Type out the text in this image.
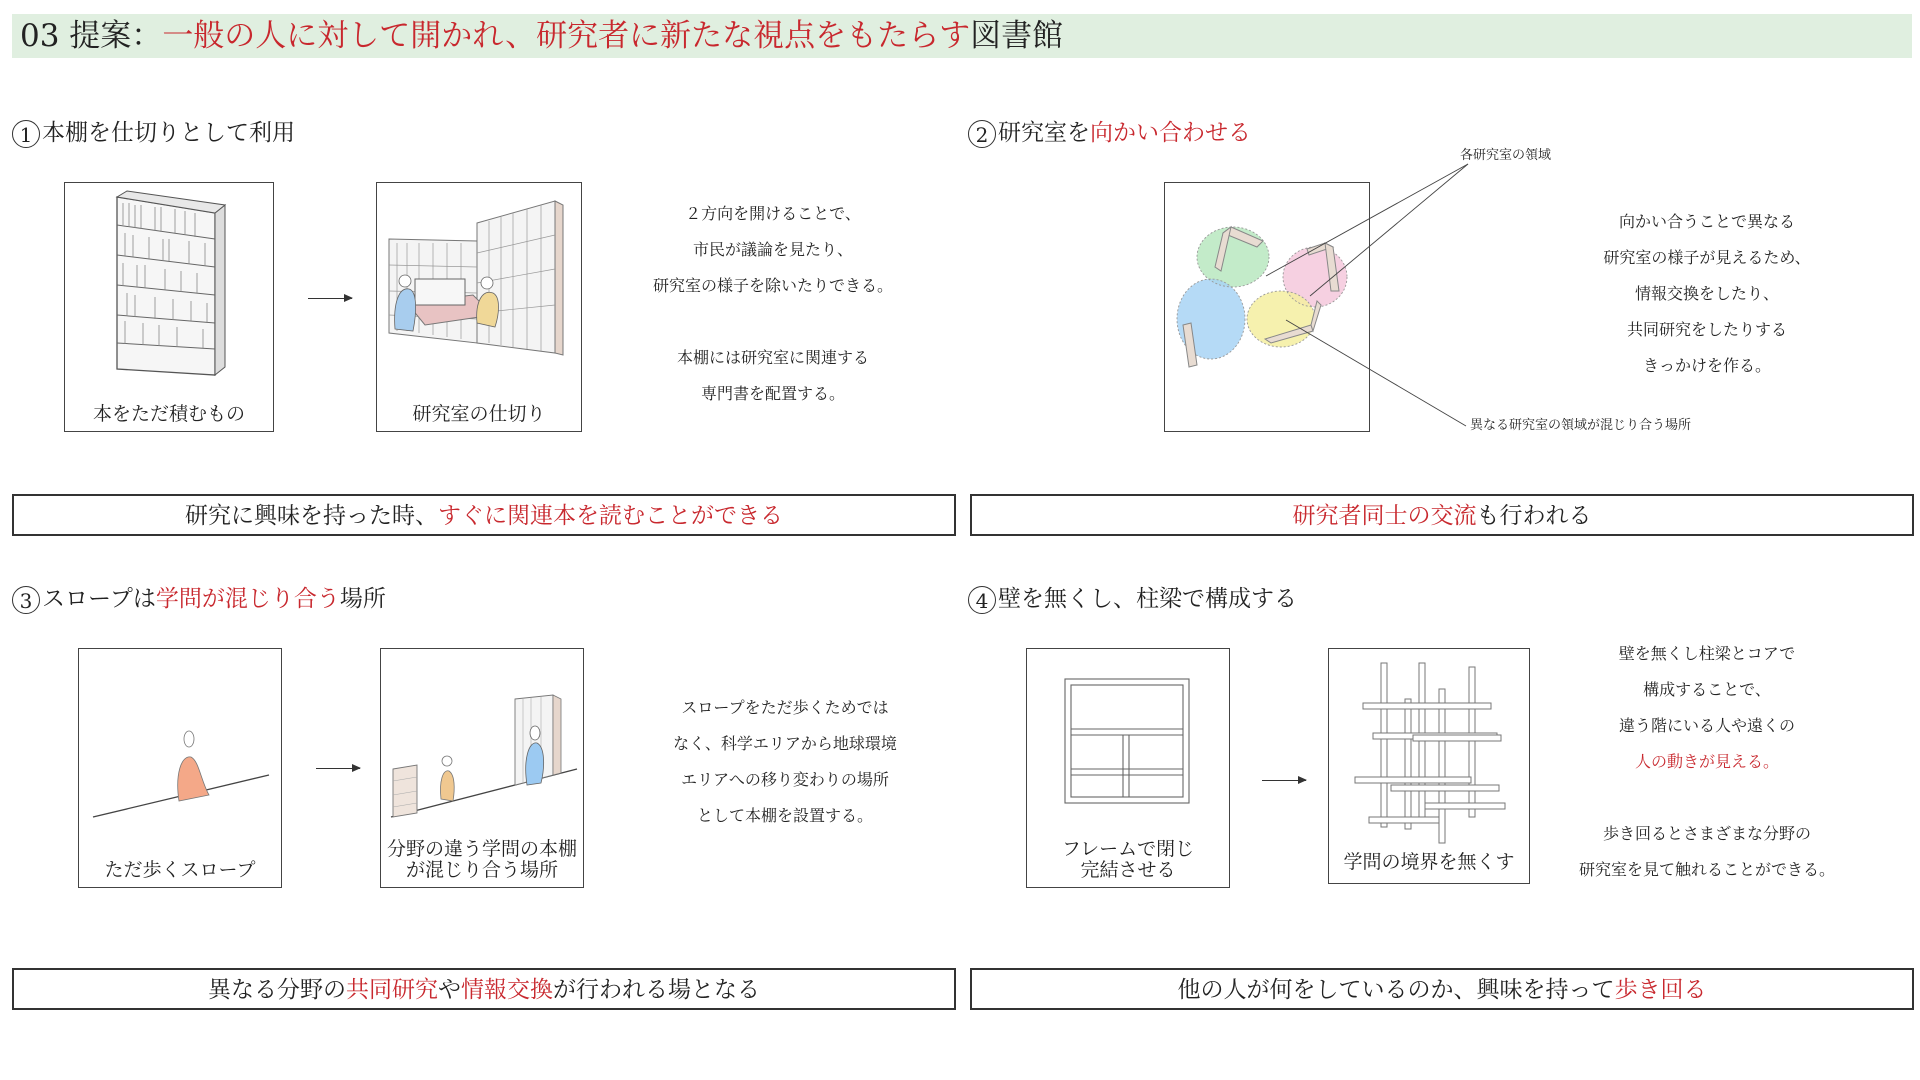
03 提案：一般の人に対して開かれ、研究者に新たな視点をもたらす図書館
1 本棚を仕切りとして利用
本をただ積むもの	研究室の仕切り
２方向を開けることで、
市民が議論を見たり、
研究室の様子を除いたりできる。
本棚には研究室に関連する
専門書を配置する。
研究に興味を持った時、すぐに関連本を読むことができる
2 研究室を向かい合わせる
各研究室の領域
異なる研究室の領域が混じり合う場所
向かい合うことで異なる
研究室の様子が見えるため、
情報交換をしたり、
共同研究をしたりする
きっかけを作る。
研究者同士の交流も行われる
3 スロープは学問が混じり合う場所
ただ歩くスロープ
分野の違う学問の本棚
が混じり合う場所
スロープをただ歩くためでは
なく、科学エリアから地球環境
エリアへの移り変わりの場所
として本棚を設置する。
異なる分野の共同研究や情報交換が行われる場となる
4 壁を無くし、柱梁で構成する
フレームで閉じ
完結させる	学問の境界を無くす
壁を無くし柱梁とコアで
構成することで、
違う階にいる人や遠くの
人の動きが見える。
歩き回るとさまざまな分野の
研究室を見て触れることができる。
他の人が何をしているのか、興味を持って歩き回る
